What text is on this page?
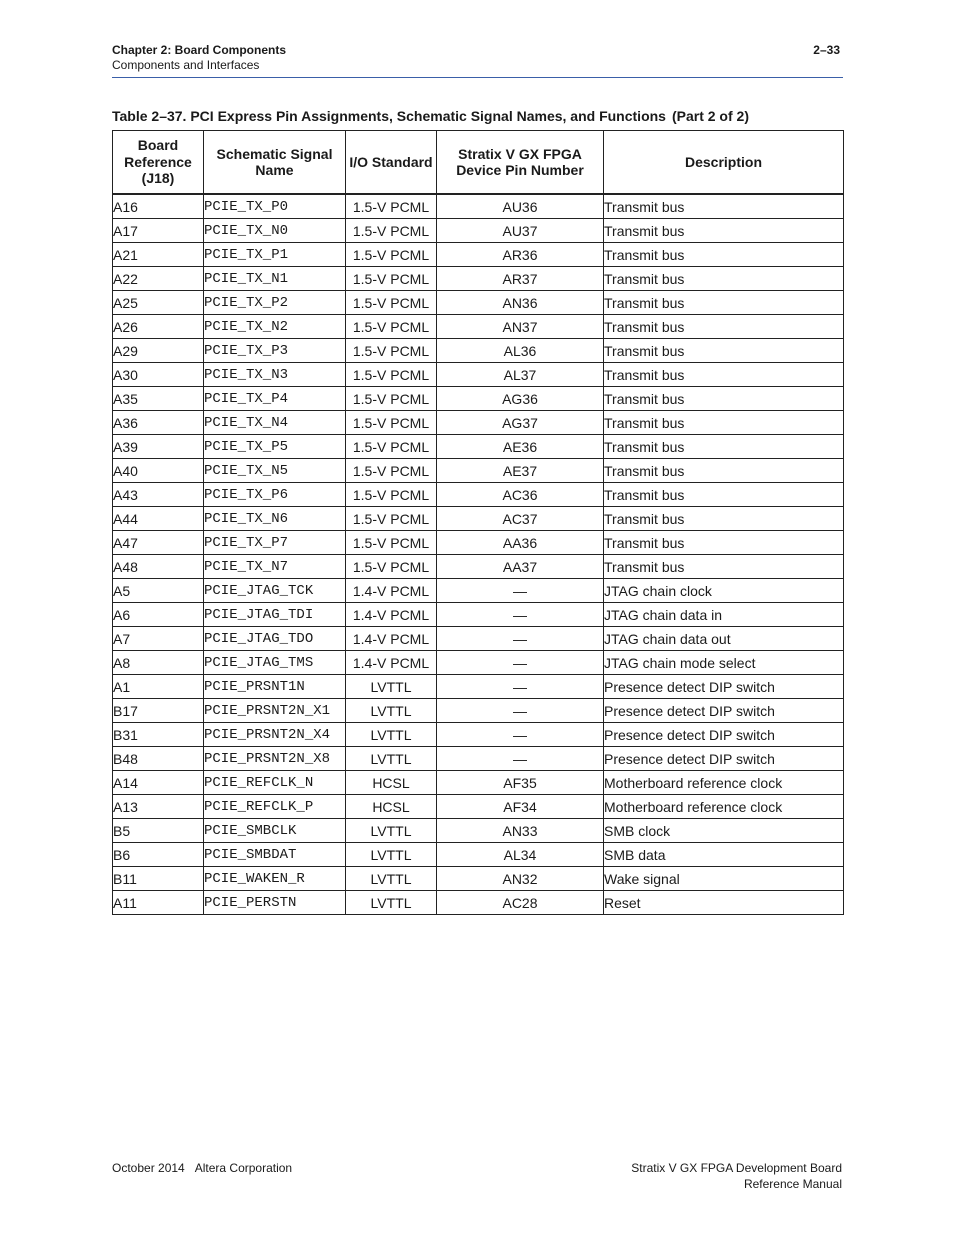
Chapter 2: Board Components
Components and Interfaces
2–33
Table 2–37. PCI Express Pin Assignments, Schematic Signal Names, and Functions (Part 2 of 2)
Board Reference (J18)	Schematic Signal Name	I/O Standard	Stratix V GX FPGA Device Pin Number	Description
A16	PCIE_TX_P0	1.5-V PCML	AU36	Transmit bus
A17	PCIE_TX_N0	1.5-V PCML	AU37	Transmit bus
A21	PCIE_TX_P1	1.5-V PCML	AR36	Transmit bus
A22	PCIE_TX_N1	1.5-V PCML	AR37	Transmit bus
A25	PCIE_TX_P2	1.5-V PCML	AN36	Transmit bus
A26	PCIE_TX_N2	1.5-V PCML	AN37	Transmit bus
A29	PCIE_TX_P3	1.5-V PCML	AL36	Transmit bus
A30	PCIE_TX_N3	1.5-V PCML	AL37	Transmit bus
A35	PCIE_TX_P4	1.5-V PCML	AG36	Transmit bus
A36	PCIE_TX_N4	1.5-V PCML	AG37	Transmit bus
A39	PCIE_TX_P5	1.5-V PCML	AE36	Transmit bus
A40	PCIE_TX_N5	1.5-V PCML	AE37	Transmit bus
A43	PCIE_TX_P6	1.5-V PCML	AC36	Transmit bus
A44	PCIE_TX_N6	1.5-V PCML	AC37	Transmit bus
A47	PCIE_TX_P7	1.5-V PCML	AA36	Transmit bus
A48	PCIE_TX_N7	1.5-V PCML	AA37	Transmit bus
A5	PCIE_JTAG_TCK	1.4-V PCML	—	JTAG chain clock
A6	PCIE_JTAG_TDI	1.4-V PCML	—	JTAG chain data in
A7	PCIE_JTAG_TDO	1.4-V PCML	—	JTAG chain data out
A8	PCIE_JTAG_TMS	1.4-V PCML	—	JTAG chain mode select
A1	PCIE_PRSNT1N	LVTTL	—	Presence detect DIP switch
B17	PCIE_PRSNT2N_X1	LVTTL	—	Presence detect DIP switch
B31	PCIE_PRSNT2N_X4	LVTTL	—	Presence detect DIP switch
B48	PCIE_PRSNT2N_X8	LVTTL	—	Presence detect DIP switch
A14	PCIE_REFCLK_N	HCSL	AF35	Motherboard reference clock
A13	PCIE_REFCLK_P	HCSL	AF34	Motherboard reference clock
B5	PCIE_SMBCLK	LVTTL	AN33	SMB clock
B6	PCIE_SMBDAT	LVTTL	AL34	SMB data
B11	PCIE_WAKEN_R	LVTTL	AN32	Wake signal
A11	PCIE_PERSTN	LVTTL	AC28	Reset
October 2014 Altera Corporation	Stratix V GX FPGA Development Board
Reference Manual
